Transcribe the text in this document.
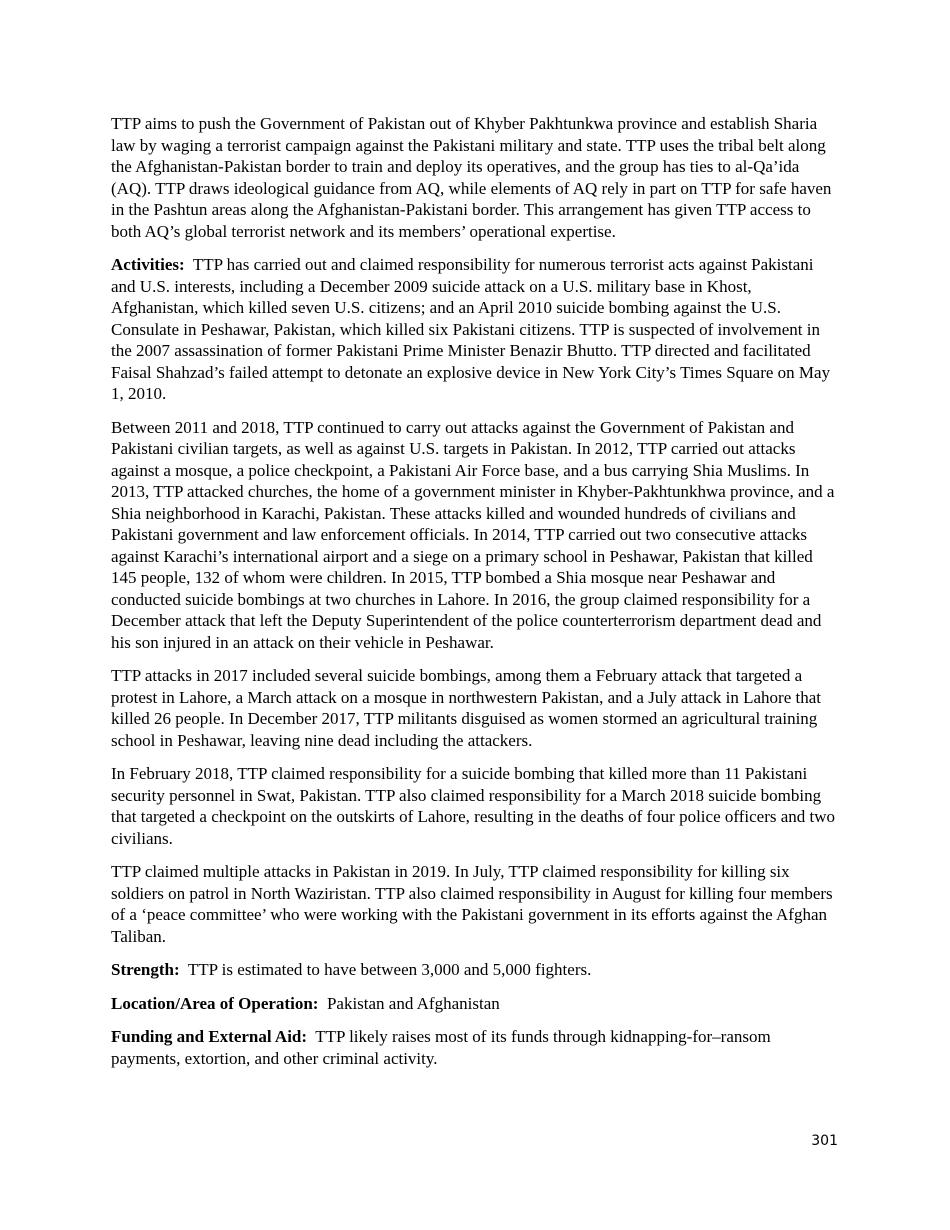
TTP aims to push the Government of Pakistan out of Khyber Pakhtunkwa province and establish Sharia law by waging a terrorist campaign against the Pakistani military and state. TTP uses the tribal belt along the Afghanistan-Pakistan border to train and deploy its operatives, and the group has ties to al-Qa’ida (AQ). TTP draws ideological guidance from AQ, while elements of AQ rely in part on TTP for safe haven in the Pashtun areas along the Afghanistan-Pakistani border. This arrangement has given TTP access to both AQ’s global terrorist network and its members’ operational expertise.

Activities: TTP has carried out and claimed responsibility for numerous terrorist acts against Pakistani and U.S. interests, including a December 2009 suicide attack on a U.S. military base in Khost, Afghanistan, which killed seven U.S. citizens; and an April 2010 suicide bombing against the U.S. Consulate in Peshawar, Pakistan, which killed six Pakistani citizens. TTP is suspected of involvement in the 2007 assassination of former Pakistani Prime Minister Benazir Bhutto. TTP directed and facilitated Faisal Shahzad’s failed attempt to detonate an explosive device in New York City’s Times Square on May 1, 2010.

Between 2011 and 2018, TTP continued to carry out attacks against the Government of Pakistan and Pakistani civilian targets, as well as against U.S. targets in Pakistan. In 2012, TTP carried out attacks against a mosque, a police checkpoint, a Pakistani Air Force base, and a bus carrying Shia Muslims. In 2013, TTP attacked churches, the home of a government minister in Khyber-Pakhtunkhwa province, and a Shia neighborhood in Karachi, Pakistan. These attacks killed and wounded hundreds of civilians and Pakistani government and law enforcement officials. In 2014, TTP carried out two consecutive attacks against Karachi’s international airport and a siege on a primary school in Peshawar, Pakistan that killed 145 people, 132 of whom were children. In 2015, TTP bombed a Shia mosque near Peshawar and conducted suicide bombings at two churches in Lahore. In 2016, the group claimed responsibility for a December attack that left the Deputy Superintendent of the police counterterrorism department dead and his son injured in an attack on their vehicle in Peshawar.

TTP attacks in 2017 included several suicide bombings, among them a February attack that targeted a protest in Lahore, a March attack on a mosque in northwestern Pakistan, and a July attack in Lahore that killed 26 people. In December 2017, TTP militants disguised as women stormed an agricultural training school in Peshawar, leaving nine dead including the attackers.

In February 2018, TTP claimed responsibility for a suicide bombing that killed more than 11 Pakistani security personnel in Swat, Pakistan. TTP also claimed responsibility for a March 2018 suicide bombing that targeted a checkpoint on the outskirts of Lahore, resulting in the deaths of four police officers and two civilians.

TTP claimed multiple attacks in Pakistan in 2019. In July, TTP claimed responsibility for killing six soldiers on patrol in North Waziristan. TTP also claimed responsibility in August for killing four members of a ‘peace committee’ who were working with the Pakistani government in its efforts against the Afghan Taliban.

Strength: TTP is estimated to have between 3,000 and 5,000 fighters.

Location/Area of Operation: Pakistan and Afghanistan

Funding and External Aid: TTP likely raises most of its funds through kidnapping-for–ransom payments, extortion, and other criminal activity.

301
